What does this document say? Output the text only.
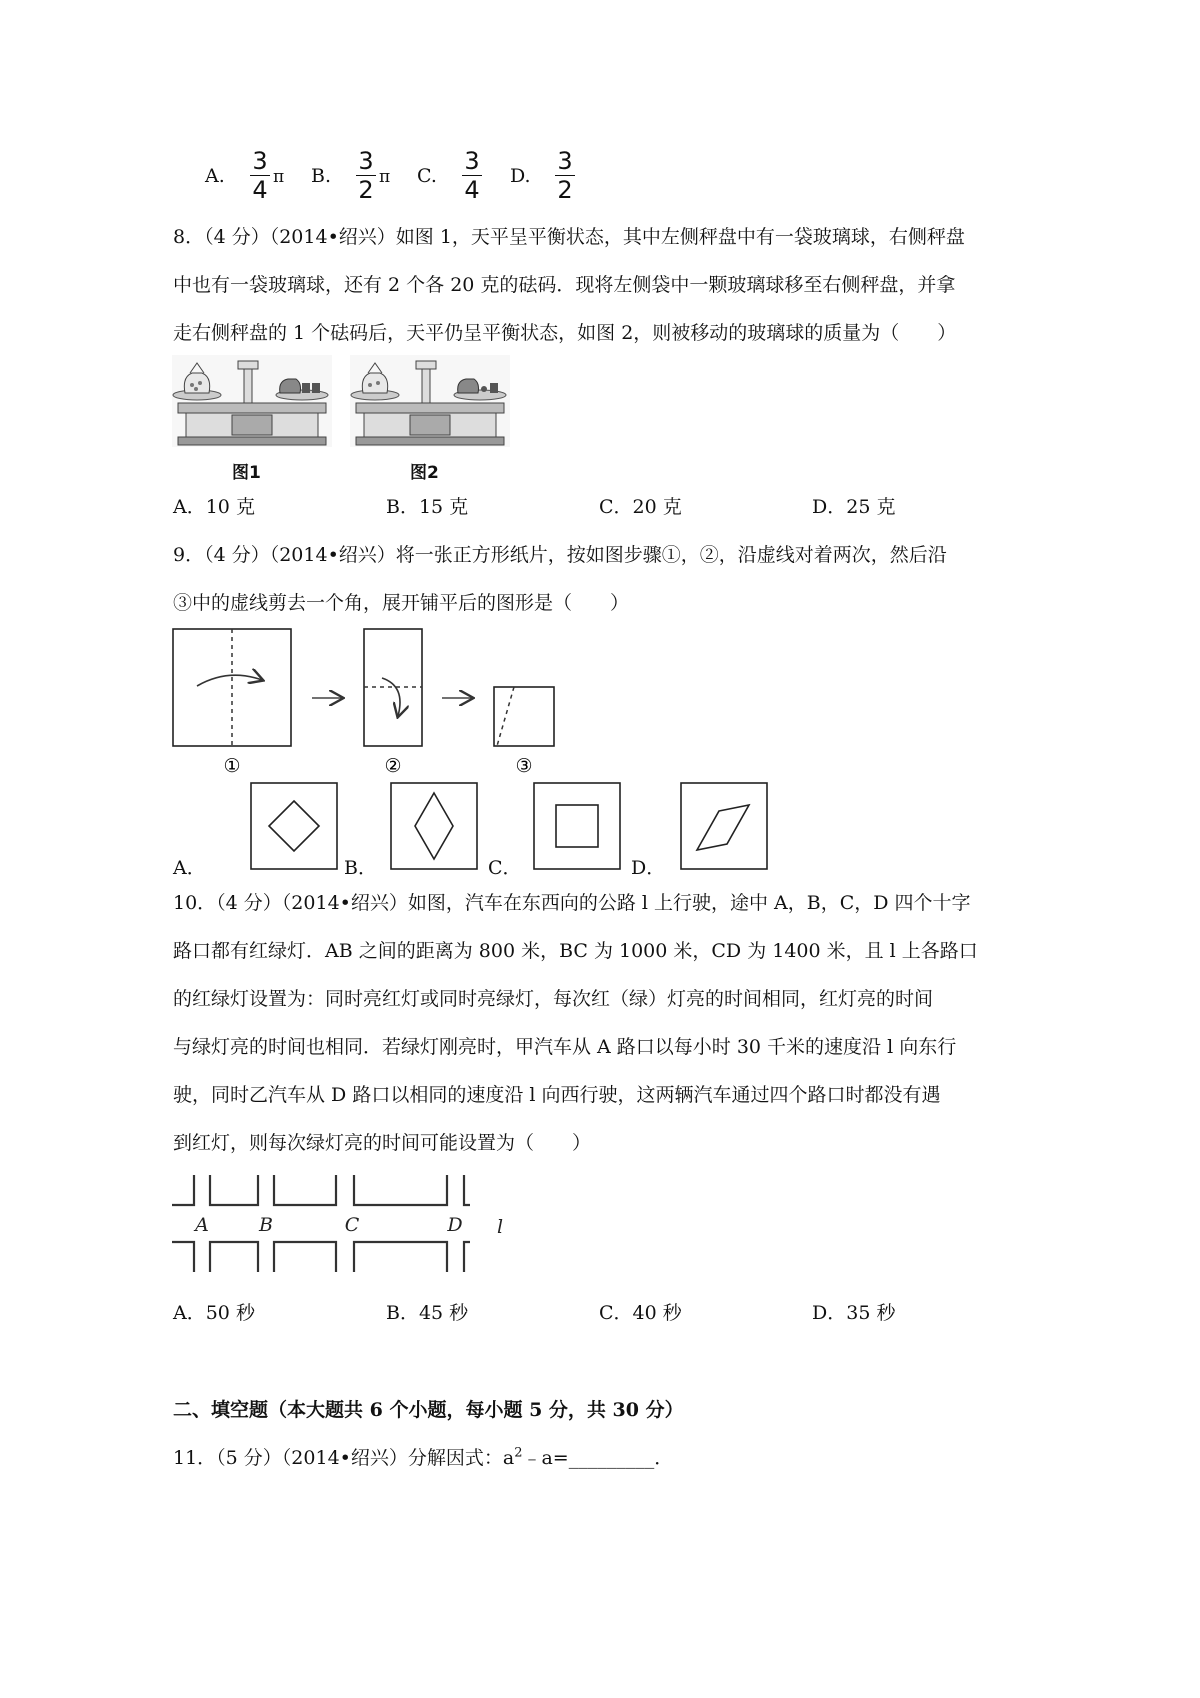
A.
3
4 π B.
3
2 π C.
3
4 D.
3
2
8．（4 分）（2014•绍兴）如图 1，天平呈平衡状态，其中左侧秤盘中有一袋玻璃球，右侧秤盘
中也有一袋玻璃球，还有 2 个各 20 克的砝码．现将左侧袋中一颗玻璃球移至右侧秤盘，并拿
走右侧秤盘的 1 个砝码后，天平仍呈平衡状态，如图 2，则被移动的玻璃球的质量为（　　）
图1	图2
A．10 克	B．15 克	C．20 克	D．25 克
9．（4 分）（2014•绍兴）将一张正方形纸片，按如图步骤①，②，沿虚线对着两次，然后沿
③中的虚线剪去一个角，展开铺平后的图形是（　　）
①	②	③
A．	B．	C．	D．
10．（4 分）（2014•绍兴）如图，汽车在东西向的公路 l 上行驶，途中 A，B，C，D 四个十字
路口都有红绿灯．AB 之间的距离为 800 米，BC 为 1000 米，CD 为 1400 米，且 l 上各路口
的红绿灯设置为：同时亮红灯或同时亮绿灯，每次红（绿）灯亮的时间相同，红灯亮的时间
与绿灯亮的时间也相同．若绿灯刚亮时，甲汽车从 A 路口以每小时 30 千米的速度沿 l 向东行
驶，同时乙汽车从 D 路口以相同的速度沿 l 向西行驶，这两辆汽车通过四个路口时都没有遇
到红灯，则每次绿灯亮的时间可能设置为（　　）
A	B	C	D l
A．50 秒	B．45 秒	C．40 秒	D．35 秒
二、填空题（本大题共 6 个小题，每小题 5 分，共 30 分）
11．（5 分）（2014•绍兴）分解因式：$a^2﹣a=\_\_\_\_\_\_\_\_\_$．
